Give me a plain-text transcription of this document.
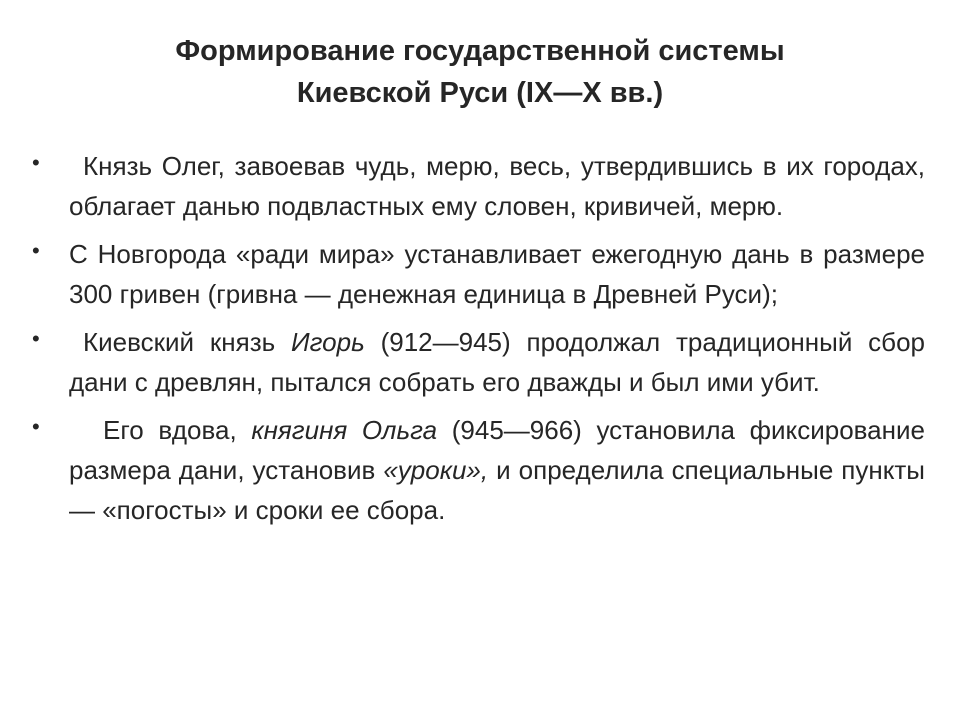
Формирование государственной системы
Киевской Руси (IX—X вв.)
• Князь Олег, завоевав чудь, мерю, весь, утвердившись в их городах, облагает данью подвластных ему словен, кривичей, мерю.
• С Новгорода «ради мира» устанавливает ежегодную дань в размере 300 гривен (гривна — денежная единица в Древней Руси);
• Киевский князь Игорь (912—945) продолжал традиционный сбор дани с древлян, пытался собрать его дважды и был ими убит.
• Его вдова, княгиня Ольга (945—966) установила фиксирование размера дани, установив «уроки», и определила специальные пункты — «погосты» и сроки ее сбора.
